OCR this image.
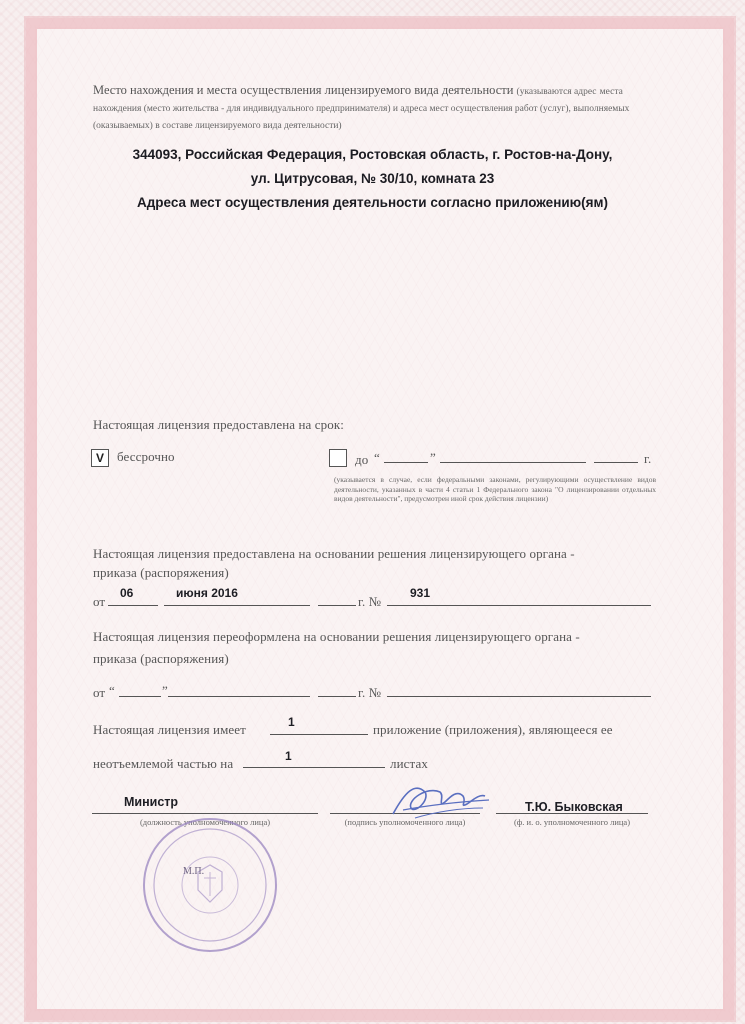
Место нахождения и места осуществления лицензируемого вида деятельности (указываются адрес места нахождения (место жительства - для индивидуального предпринимателя) и адреса мест осуществления работ (услуг), выполняемых (оказываемых) в составе лицензируемого вида деятельности)
344093, Российская Федерация, Ростовская область, г. Ростов-на-Дону,
ул. Цитрусовая, № 30/10, комната 23
Адреса мест осуществления деятельности согласно приложению(ям)
Настоящая лицензия предоставлена на срок:
V	бессрочно	до “	”	г.
(указывается в случае, если федеральными законами, регулирующими осуществление видов деятельности, указанных в части 4 статьи 1 Федерального закона "О лицензировании отдельных видов деятельности", предусмотрен иной срок действия лицензии)
Настоящая лицензия предоставлена на основании решения лицензирующего органа -
приказа (распоряжения)
от
06	июня 2016
г. №
931
Настоящая лицензия переоформлена на основании решения лицензирующего органа -
приказа (распоряжения)
от “	”	г. №
Настоящая лицензия имеет	1	приложение (приложения), являющееся ее
неотъемлемой частью на	1	листах
Министр
(должность уполномоченного лица)	(подпись уполномоченного лица)
Т.Ю. Быковская
(ф. и. о. уполномоченного лица)
М.П.
